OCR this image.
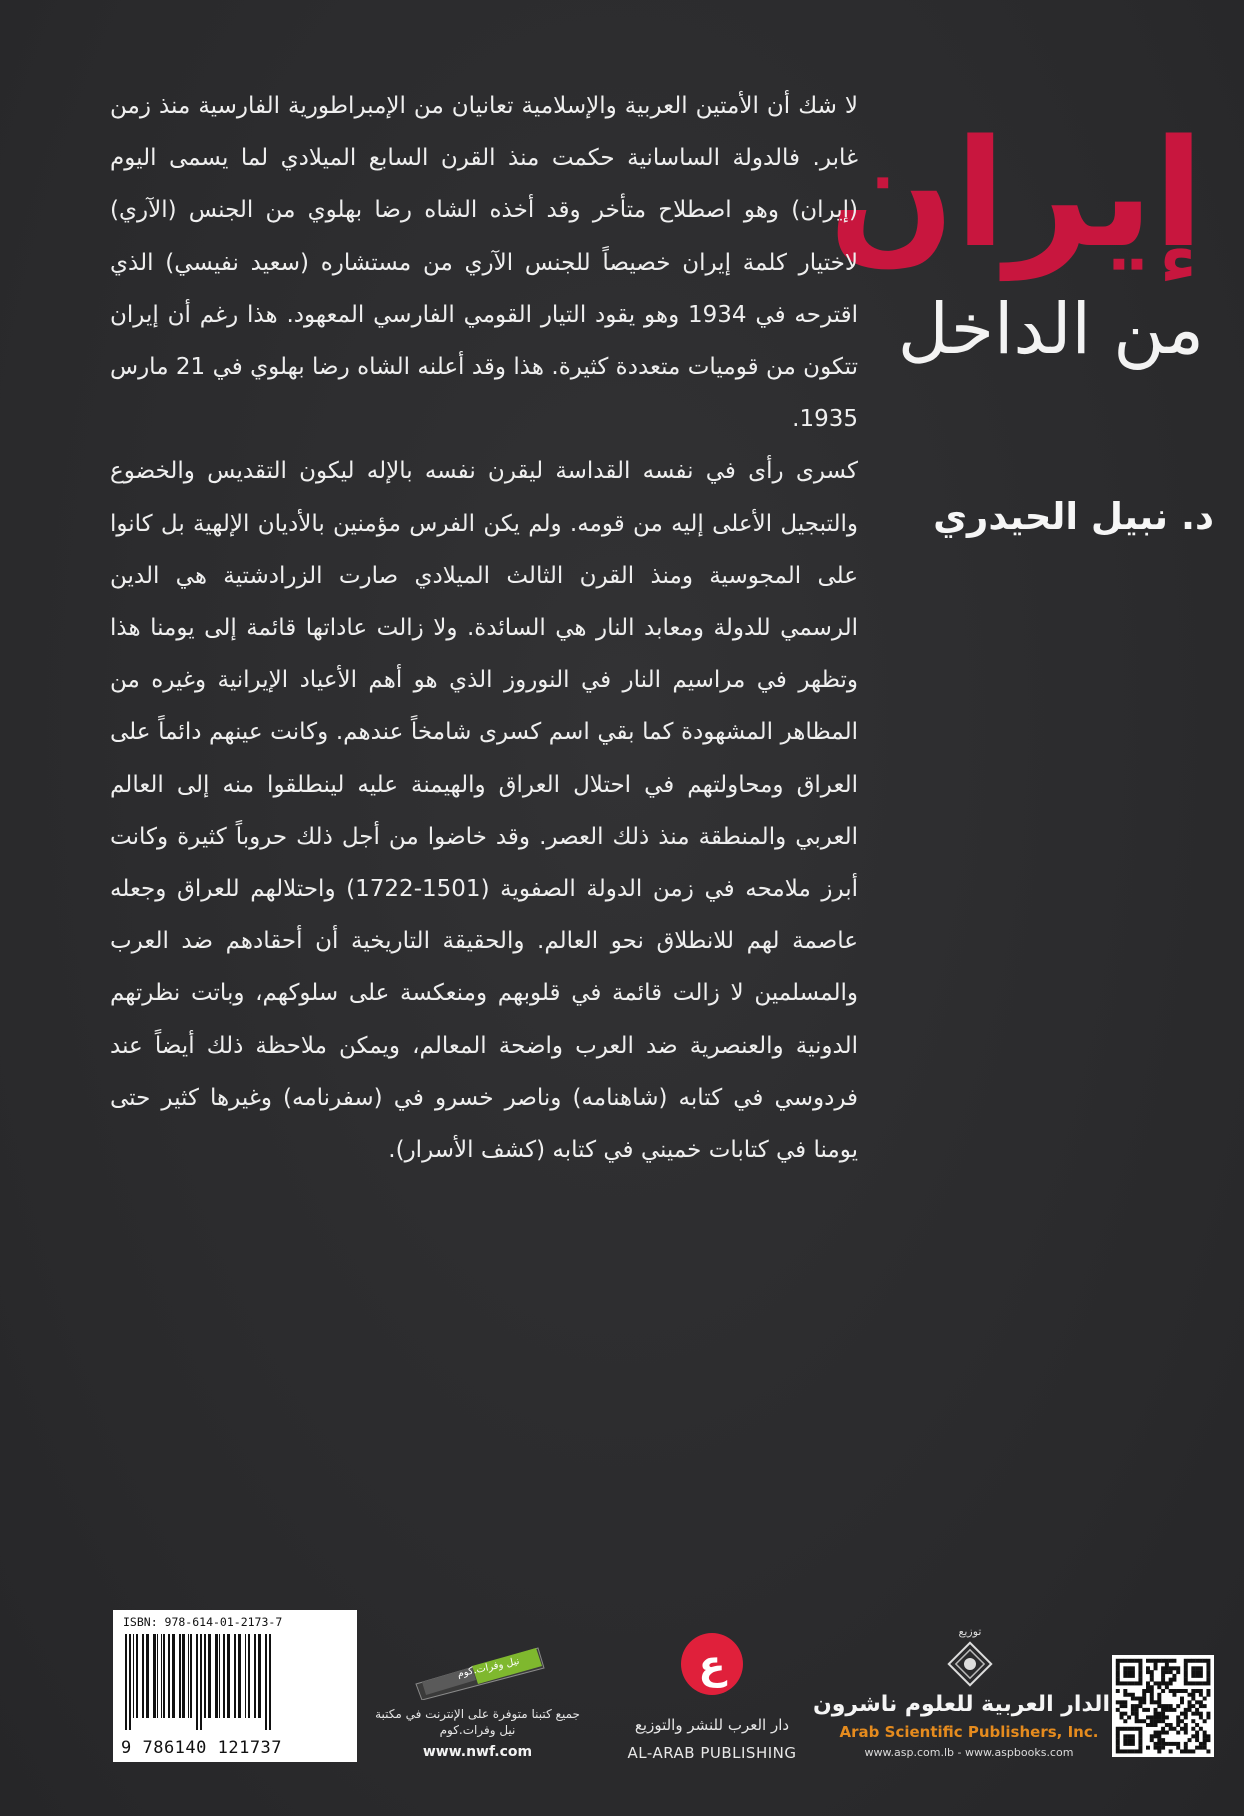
إيران
من الداخل
د. نبيل الحيدري

لا شك أن الأمتين العربية والإسلامية تعانيان من الإمبراطورية الفارسية منذ زمن غابر. فالدولة الساسانية حكمت منذ القرن السابع الميلادي لما يسمى اليوم (إيران) وهو اصطلاح متأخر وقد أخذه الشاه رضا بهلوي من الجنس (الآري) لاختيار كلمة إيران خصيصاً للجنس الآري من مستشاره (سعيد نفيسي) الذي اقترحه في 1934 وهو يقود التيار القومي الفارسي المعهود. هذا رغم أن إيران تتكون من قوميات متعددة كثيرة. هذا وقد أعلنه الشاه رضا بهلوي في 21 مارس 1935.

كسرى رأى في نفسه القداسة ليقرن نفسه بالإله ليكون التقديس والخضوع والتبجيل الأعلى إليه من قومه. ولم يكن الفرس مؤمنين بالأديان الإلهية بل كانوا على المجوسية ومنذ القرن الثالث الميلادي صارت الزرادشتية هي الدين الرسمي للدولة ومعابد النار هي السائدة. ولا زالت عاداتها قائمة إلى يومنا هذا وتظهر في مراسيم النار في النوروز الذي هو أهم الأعياد الإيرانية وغيره من المظاهر المشهودة كما بقي اسم كسرى شامخاً عندهم. وكانت عينهم دائماً على العراق ومحاولتهم في احتلال العراق والهيمنة عليه لينطلقوا منه إلى العالم العربي والمنطقة منذ ذلك العصر. وقد خاضوا من أجل ذلك حروباً كثيرة وكانت أبرز ملامحه في زمن الدولة الصفوية (1501-1722) واحتلالهم للعراق وجعله عاصمة لهم للانطلاق نحو العالم. والحقيقة التاريخية أن أحقادهم ضد العرب والمسلمين لا زالت قائمة في قلوبهم ومنعكسة على سلوكهم، وباتت نظرتهم الدونية والعنصرية ضد العرب واضحة المعالم، ويمكن ملاحظة ذلك أيضاً عند فردوسي في كتابه (شاهنامه) وناصر خسرو في (سفرنامه) وغيرها كثير حتى يومنا في كتابات خميني في كتابه (كشف الأسرار).

ISBN: 978-614-01-2173-7
9 786140 121737
نيل وفرات.كوم
جميع كتبنا متوفرة على الإنترنت في مكتبة نيل وفرات.كوم
www.nwf.com
ع
دار العرب للنشر والتوزيع
AL-ARAB PUBLISHING
توزيع
الدار العربية للعلوم ناشرون
Arab Scientific Publishers, Inc.
www.asp.com.lb - www.aspbooks.com
